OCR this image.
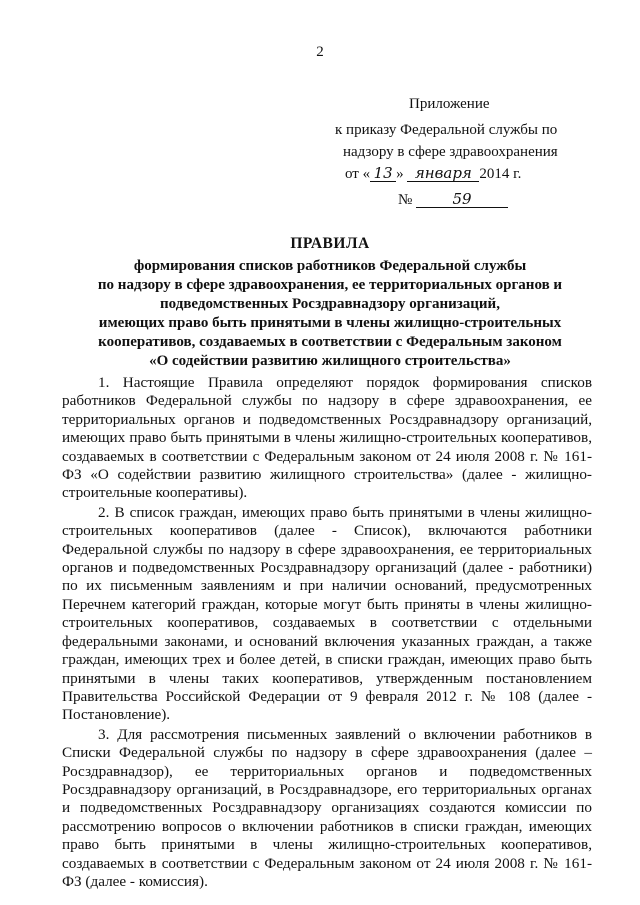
2
Приложение
к приказу Федеральной службы по
надзору в сфере здравоохранения
от « 13 » января 2014 г.
№	59
ПРАВИЛА
формирования списков работников Федеральной службы
по надзору в сфере здравоохранения, ее территориальных органов и
подведомственных Росздравнадзору организаций,
имеющих право быть принятыми в члены жилищно-строительных
кооперативов, создаваемых в соответствии с Федеральным законом
«О содействии развитию жилищного строительства»

1. Настоящие Правила определяют порядок формирования списков работников Федеральной службы по надзору в сфере здравоохранения, ее территориальных органов и подведомственных Росздравнадзору организаций, имеющих право быть принятыми в члены жилищно-строительных кооперативов, создаваемых в соответствии с Федеральным законом от 24 июля 2008 г. № 161-ФЗ «О содействии развитию жилищного строительства» (далее - жилищно-строительные кооперативы).

2. В список граждан, имеющих право быть принятыми в члены жилищно-строительных кооперативов (далее - Список), включаются работники Федеральной службы по надзору в сфере здравоохранения, ее территориальных органов и подведомственных Росздравнадзору организаций (далее - работники) по их письменным заявлениям и при наличии оснований, предусмотренных Перечнем категорий граждан, которые могут быть приняты в члены жилищно-строительных кооперативов, создаваемых в соответствии с отдельными федеральными законами, и оснований включения указанных граждан, а также граждан, имеющих трех и более детей, в списки граждан, имеющих право быть принятыми в члены таких кооперативов, утвержденным постановлением Правительства Российской Федерации от 9 февраля 2012 г. № 108 (далее - Постановление).

3. Для рассмотрения письменных заявлений о включении работников в Списки Федеральной службы по надзору в сфере здравоохранения (далее – Росздравнадзор), ее территориальных органов и подведомственных Росздравнадзору организаций, в Росздравнадзоре, его территориальных органах и подведомственных Росздравнадзору организациях создаются комиссии по рассмотрению вопросов о включении работников в списки граждан, имеющих право быть принятыми в члены жилищно-строительных кооперативов, создаваемых в соответствии с Федеральным законом от 24 июля 2008 г. № 161-ФЗ (далее - комиссия).
